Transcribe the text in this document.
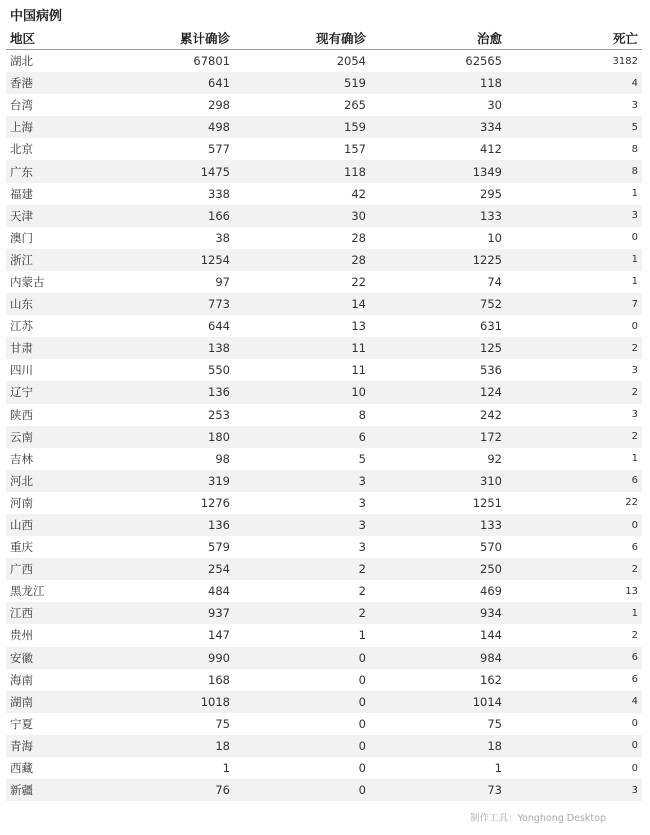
中国病例
地区	累计确诊	现有确诊	治愈	死亡
湖北	67801	2054	62565	3182
香港	641	519	118	4
台湾	298	265	30	3
上海	498	159	334	5
北京	577	157	412	8
广东	1475	118	1349	8
福建	338	42	295	1
天津	166	30	133	3
澳门	38	28	10	0
浙江	1254	28	1225	1
内蒙古	97	22	74	1
山东	773	14	752	7
江苏	644	13	631	0
甘肃	138	11	125	2
四川	550	11	536	3
辽宁	136	10	124	2
陕西	253	8	242	3
云南	180	6	172	2
吉林	98	5	92	1
河北	319	3	310	6
河南	1276	3	1251	22
山西	136	3	133	0
重庆	579	3	570	6
广西	254	2	250	2
黑龙江	484	2	469	13
江西	937	2	934	1
贵州	147	1	144	2
安徽	990	0	984	6
海南	168	0	162	6
湖南	1018	0	1014	4
宁夏	75	0	75	0
青海	18	0	18	0
西藏	1	0	1	0
新疆	76	0	73	3
制作工具：Yonghong Desktop
